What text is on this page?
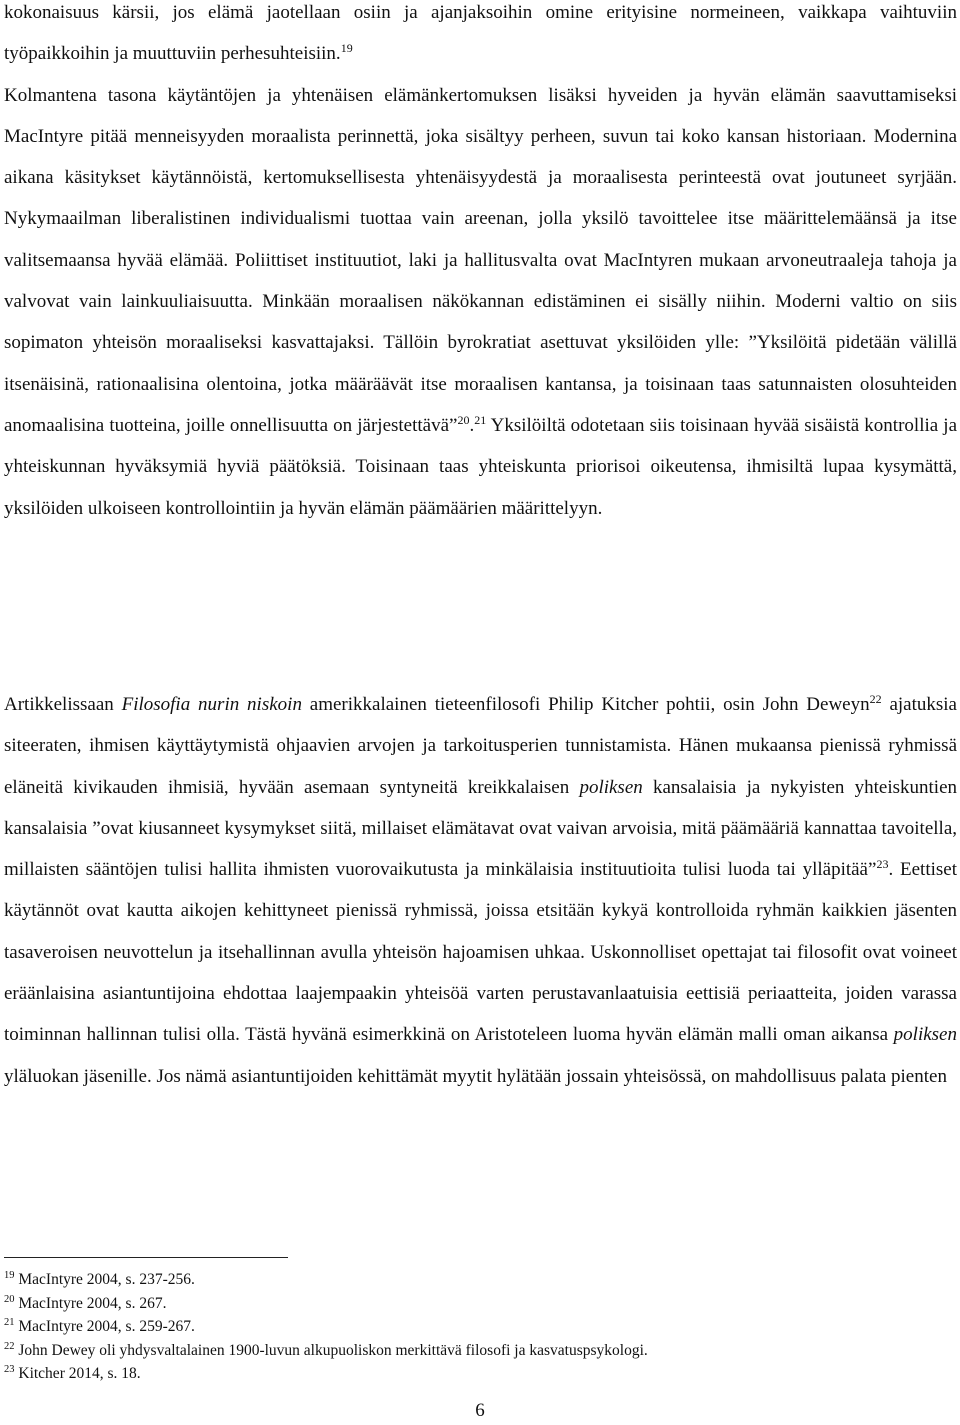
kokonaisuus kärsii, jos elämä jaotellaan osiin ja ajanjaksoihin omine erityisine normeineen, vaikkapa vaihtuviin työpaikkoihin ja muuttuviin perhesuhteisiin.$^{19}$
Kolmantena tasona käytäntöjen ja yhtenäisen elämänkertomuksen lisäksi hyveiden ja hyvän elämän saavuttamiseksi MacIntyre pitää menneisyyden moraalista perinnettä, joka sisältyy perheen, suvun tai koko kansan historiaan. Modernina aikana käsitykset käytännöistä, kertomuksellisesta yhtenäisyydestä ja moraalisesta perinteestä ovat joutuneet syrjään. Nykymaailman liberalistinen individualismi tuottaa vain areenan, jolla yksilö tavoittelee itse määrittelemäänsä ja itse valitsemaansa hyvää elämää. Poliittiset instituutiot, laki ja hallitusvalta ovat MacIntyren mukaan arvoneutraaleja tahoja ja valvovat vain lainkuuliaisuutta. Minkään moraalisen näkökannan edistäminen ei sisälly niihin. Moderni valtio on siis sopimaton yhteisön moraaliseksi kasvattajaksi. Tällöin byrokratiat asettuvat yksilöiden ylle: ”Yksilöitä pidetään välillä itsenäisinä, rationaalisina olentoina, jotka määräävät itse moraalisen kantansa, ja toisinaan taas satunnaisten olosuhteiden anomaalisina tuotteina, joille onnellisuutta on järjestettävä”$^{20}$.$^{21}$ Yksilöiltä odotetaan siis toisinaan hyvää sisäistä kontrollia ja yhteiskunnan hyväksymiä hyviä päätöksiä. Toisinaan taas yhteiskunta priorisoi oikeutensa, ihmisiltä lupaa kysymättä, yksilöiden ulkoiseen kontrollointiin ja hyvän elämän päämäärien määrittelyyn.

Artikkelissaan Filosofia nurin niskoin amerikkalainen tieteenfilosofi Philip Kitcher pohtii, osin John Deweyn$^{22}$ ajatuksia siteeraten, ihmisen käyttäytymistä ohjaavien arvojen ja tarkoitusperien tunnistamista. Hänen mukaansa pienissä ryhmissä eläneitä kivikauden ihmisiä, hyvään asemaan syntyneitä kreikkalaisen poliksen kansalaisia ja nykyisten yhteiskuntien kansalaisia ”ovat kiusanneet kysymykset siitä, millaiset elämätavat ovat vaivan arvoisia, mitä päämääriä kannattaa tavoitella, millaisten sääntöjen tulisi hallita ihmisten vuorovaikutusta ja minkälaisia instituutioita tulisi luoda tai ylläpitää”$^{23}$. Eettiset käytännöt ovat kautta aikojen kehittyneet pienissä ryhmissä, joissa etsitään kykyä kontrolloida ryhmän kaikkien jäsenten tasaveroisen neuvottelun ja itsehallinnan avulla yhteisön hajoamisen uhkaa. Uskonnolliset opettajat tai filosofit ovat voineet eräänlaisina asiantuntijoina ehdottaa laajempaakin yhteisöä varten perustavanlaatuisia eettisiä periaatteita, joiden varassa toiminnan hallinnan tulisi olla. Tästä hyvänä esimerkkinä on Aristoteleen luoma hyvän elämän malli oman aikansa poliksen yläluokan jäsenille. Jos nämä asiantuntijoiden kehittämät myytit hylätään jossain yhteisössä, on mahdollisuus palata pienten

$^{19}$ MacIntyre 2004, s. 237-256.
$^{20}$ MacIntyre 2004, s. 267.
$^{21}$ MacIntyre 2004, s. 259-267.
$^{22}$ John Dewey oli yhdysvaltalainen 1900-luvun alkupuoliskon merkittävä filosofi ja kasvatuspsykologi.
$^{23}$ Kitcher 2014, s. 18.
6
